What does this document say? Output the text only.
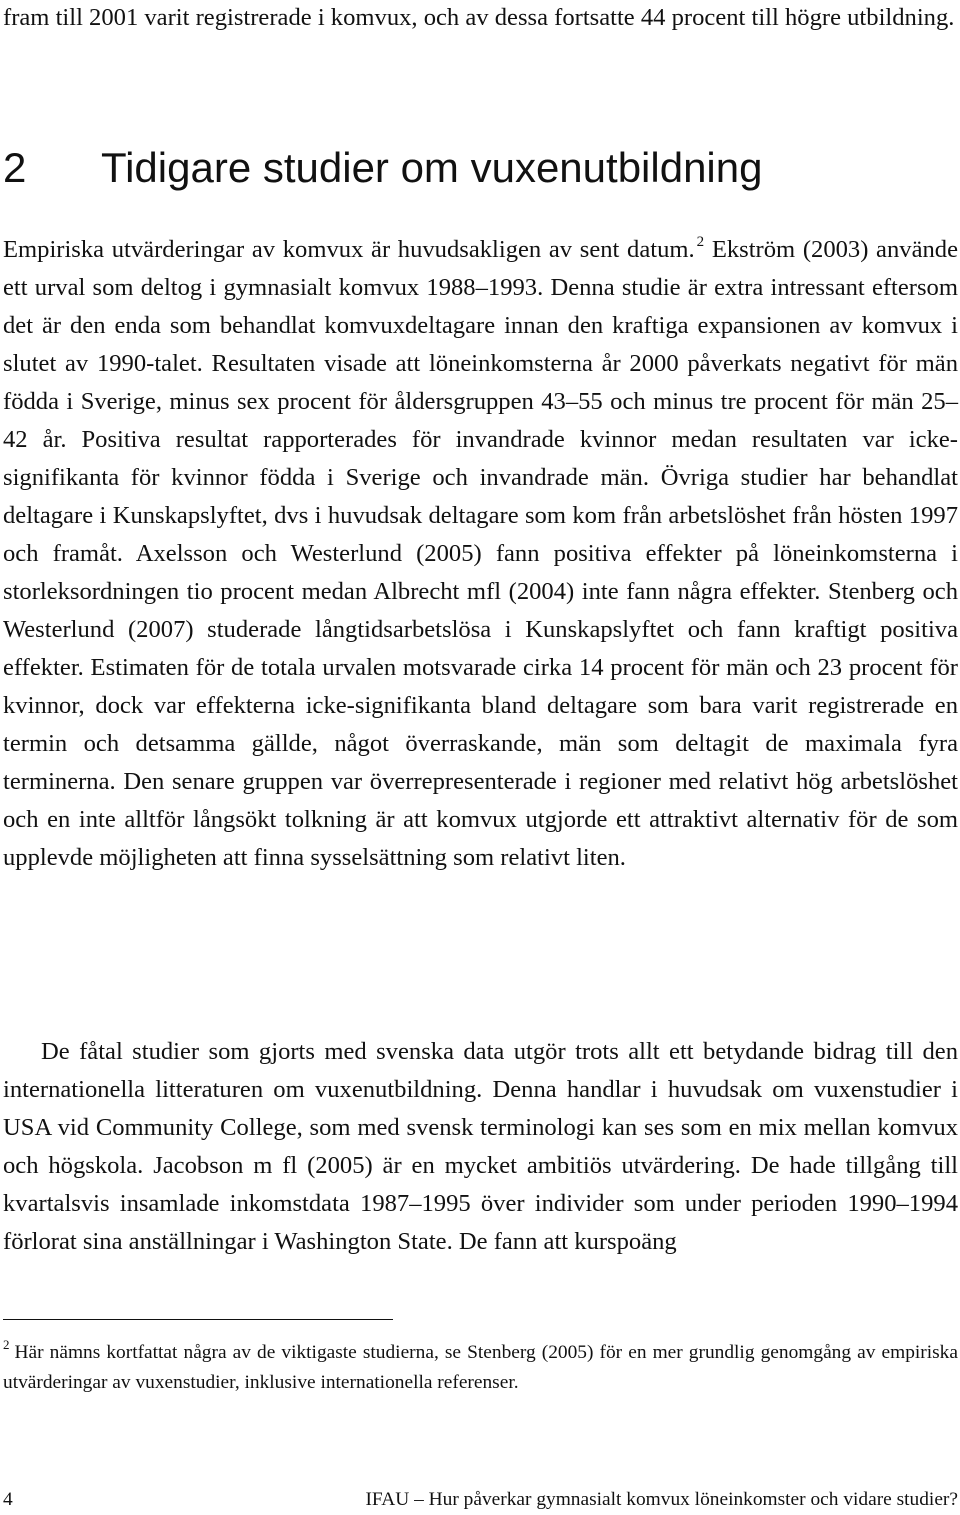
fram till 2001 varit registrerade i komvux, och av dessa fortsatte 44 procent till högre utbildning.

2 Tidigare studier om vuxenutbildning

Empiriska utvärderingar av komvux är huvudsakligen av sent datum. $^2$ Ekström (2003) använde ett urval som deltog i gymnasialt komvux 1988–1993. Denna studie är extra intressant eftersom det är den enda som behandlat komvuxdeltagare innan den kraftiga expansionen av komvux i slutet av 1990-talet. Resultaten visade att löneinkomsterna år 2000 påverkats negativt för män födda i Sverige, minus sex procent för åldersgruppen 43–55 och minus tre procent för män 25–42 år. Positiva resultat rapporterades för invandrade kvinnor medan resultaten var icke-signifikanta för kvinnor födda i Sverige och invandrade män. Övriga studier har behandlat deltagare i Kunskapslyftet, dvs i huvudsak deltagare som kom från arbetslöshet från hösten 1997 och framåt. Axelsson och Westerlund (2005) fann positiva effekter på löneinkomsterna i storleksordningen tio procent medan Albrecht mfl (2004) inte fann några effekter. Stenberg och Westerlund (2007) studerade långtidsarbetslösa i Kunskapslyftet och fann kraftigt positiva effekter. Estimaten för de totala urvalen motsvarade cirka 14 procent för män och 23 procent för kvinnor, dock var effekterna icke-signifikanta bland deltagare som bara varit registrerade en termin och detsamma gällde, något överraskande, män som deltagit de maximala fyra terminerna. Den senare gruppen var överrepresenterade i regioner med relativt hög arbetslöshet och en inte alltför långsökt tolkning är att komvux utgjorde ett attraktivt alternativ för de som upplevde möjligheten att finna sysselsättning som relativt liten.

De fåtal studier som gjorts med svenska data utgör trots allt ett betydande bidrag till den internationella litteraturen om vuxenutbildning. Denna handlar i huvudsak om vuxenstudier i USA vid Community College, som med svensk terminologi kan ses som en mix mellan komvux och högskola. Jacobson m fl (2005) är en mycket ambitiös utvärdering. De hade tillgång till kvartalsvis insamlade inkomstdata 1987–1995 över individer som under perioden 1990–1994 förlorat sina anställningar i Washington State. De fann att kurspoäng

$^2$ Här nämns kortfattat några av de viktigaste studierna, se Stenberg (2005) för en mer grundlig genomgång av empiriska utvärderingar av vuxenstudier, inklusive internationella referenser.

4	IFAU – Hur påverkar gymnasialt komvux löneinkomster och vidare studier?
